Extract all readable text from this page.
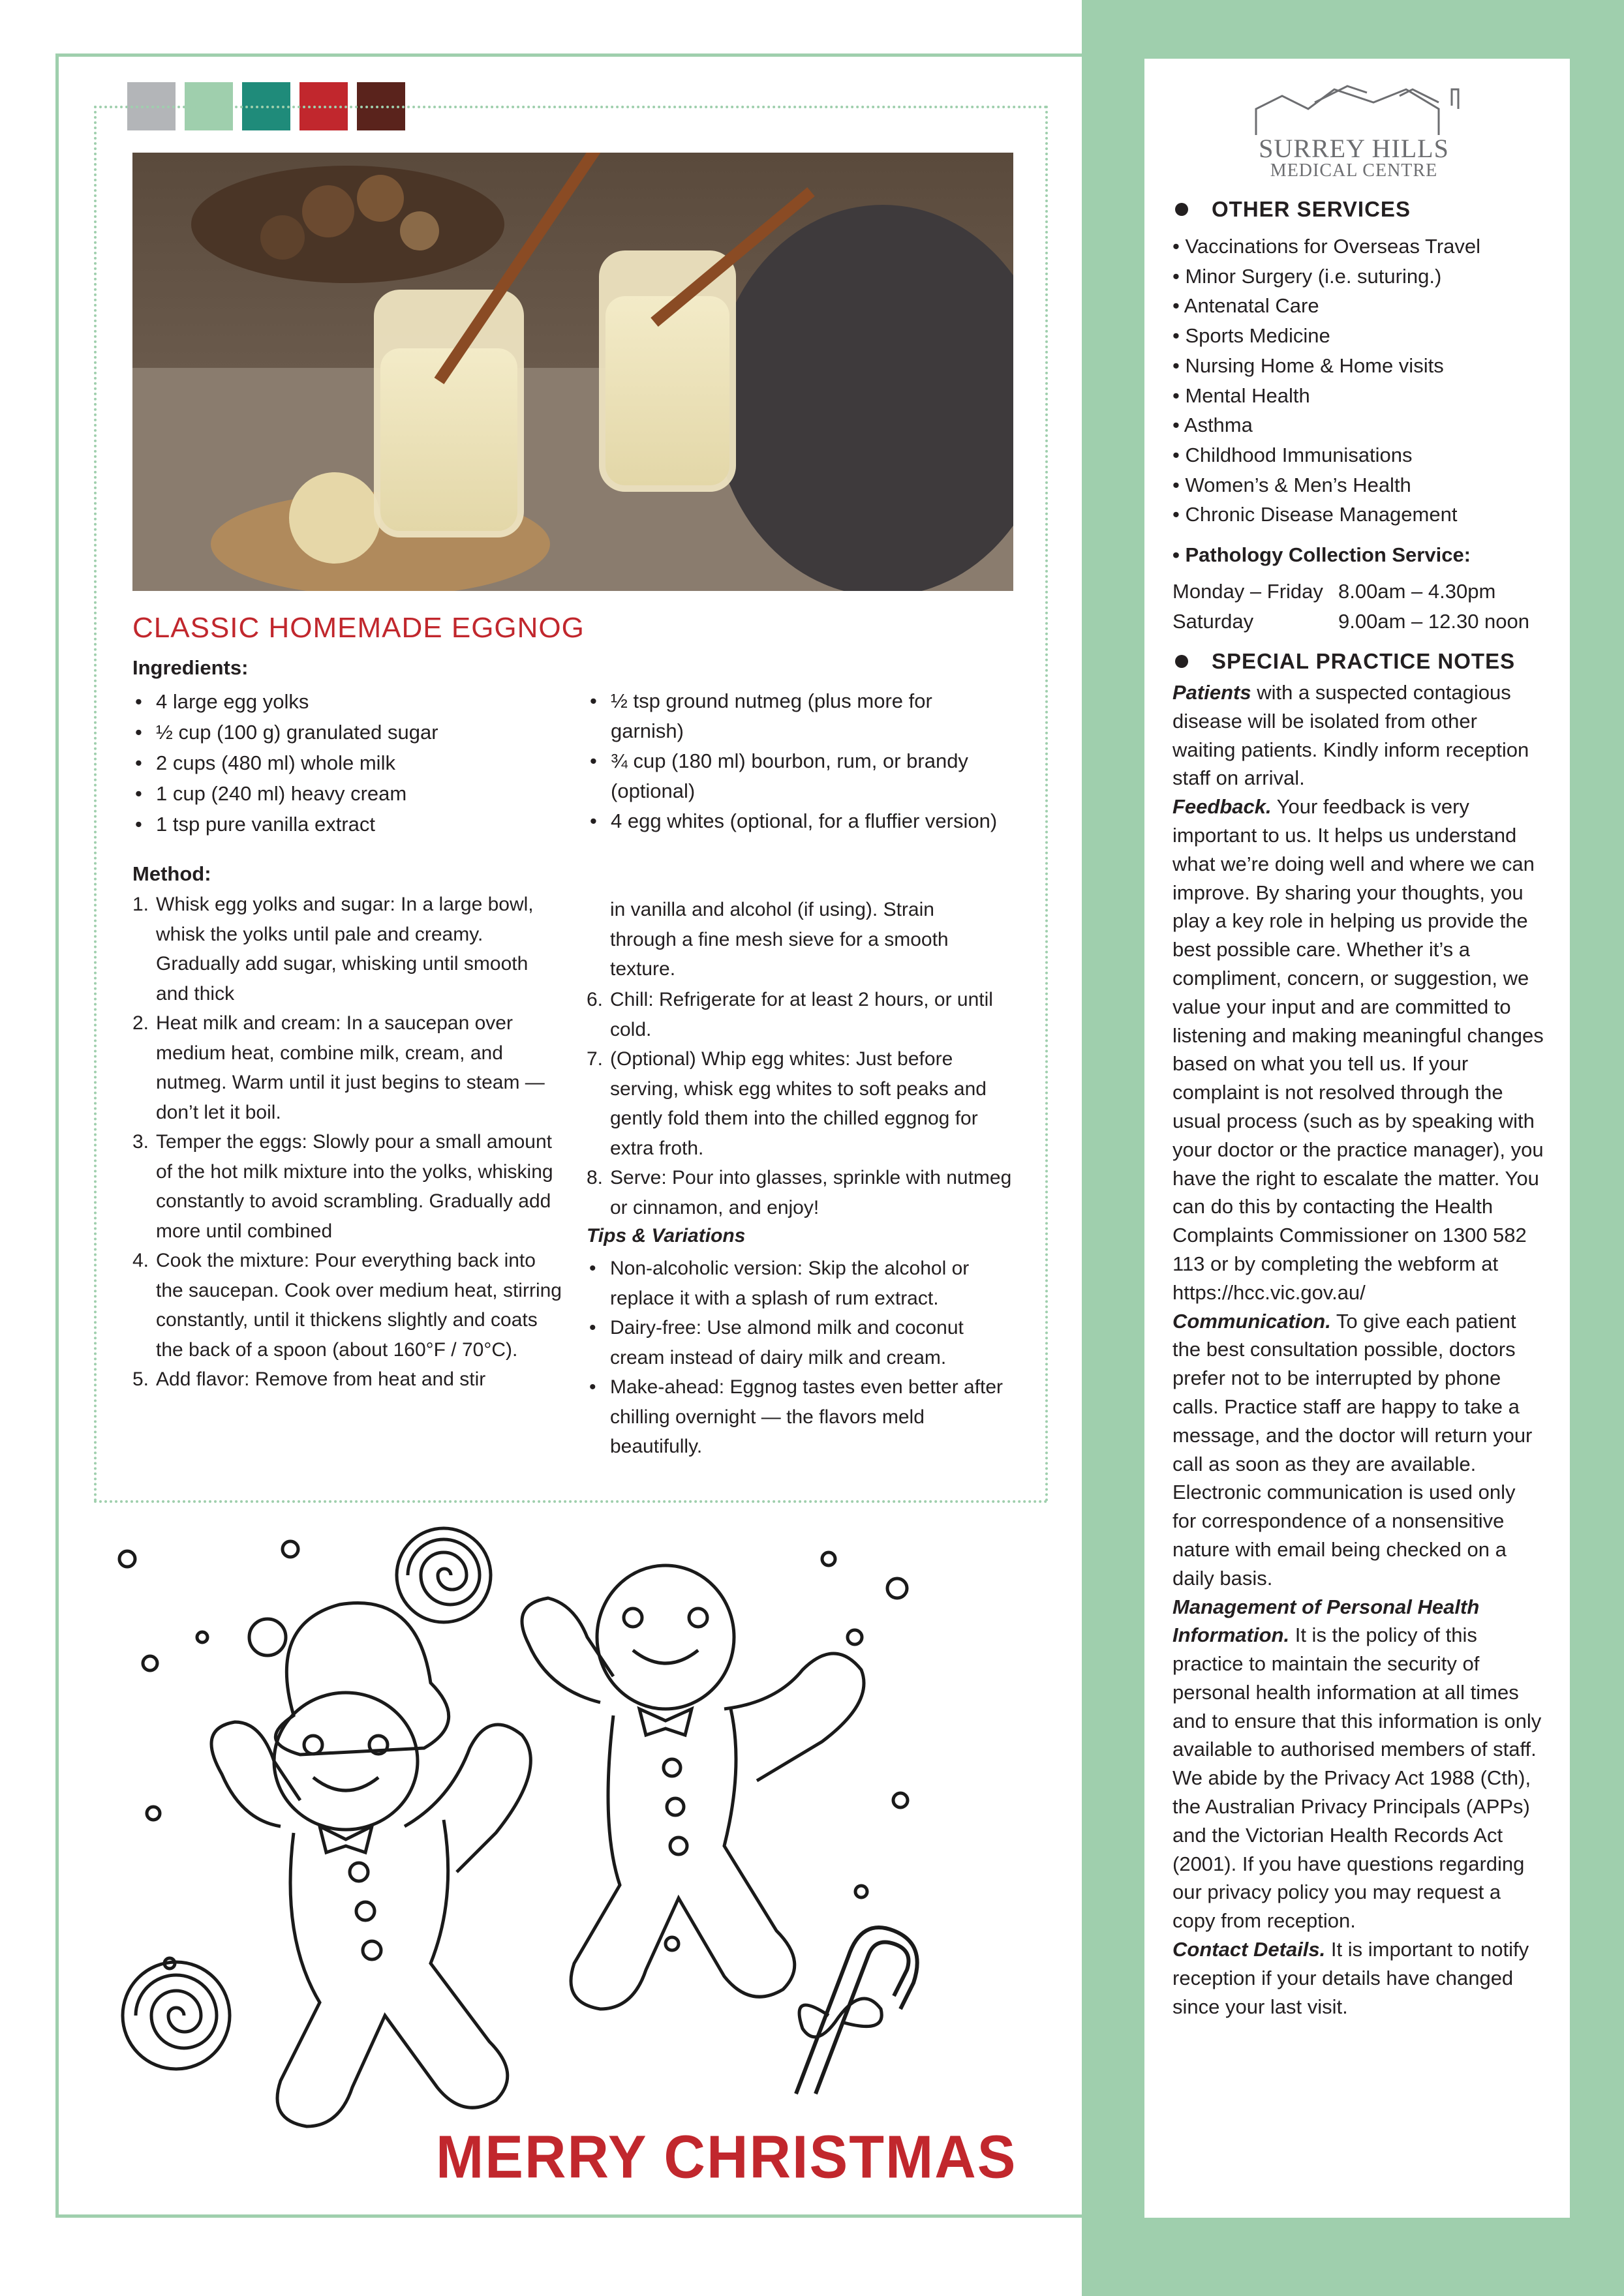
CLASSIC HOMEMADE EGGNOG
Ingredients:
• 4 large egg yolks
• ½ cup (100 g) granulated sugar
• 2 cups (480 ml) whole milk
• 1 cup (240 ml) heavy cream
• 1 tsp pure vanilla extract
• ½ tsp ground nutmeg (plus more for garnish)
• ¾ cup (180 ml) bourbon, rum, or brandy (optional)
• 4 egg whites (optional, for a fluffier version)
Method:
1. Whisk egg yolks and sugar: In a large bowl, whisk the yolks until pale and creamy. Gradually add sugar, whisking until smooth and thick
2. Heat milk and cream: In a saucepan over medium heat, combine milk, cream, and nutmeg. Warm until it just begins to steam — don’t let it boil.
3. Temper the eggs: Slowly pour a small amount of the hot milk mixture into the yolks, whisking constantly to avoid scrambling. Gradually add more until combined
4. Cook the mixture: Pour everything back into the saucepan. Cook over medium heat, stirring constantly, until it thickens slightly and coats the back of a spoon (about 160°F / 70°C).
5. Add flavor: Remove from heat and stir
in vanilla and alcohol (if using). Strain through a fine mesh sieve for a smooth texture.
6. Chill: Refrigerate for at least 2 hours, or until cold.
7. (Optional) Whip egg whites: Just before serving, whisk egg whites to soft peaks and gently fold them into the chilled eggnog for extra froth.
8. Serve: Pour into glasses, sprinkle with nutmeg or cinnamon, and enjoy!
Tips & Variations
• Non-alcoholic version: Skip the alcohol or replace it with a splash of rum extract.
• Dairy-free: Use almond milk and coconut cream instead of dairy milk and cream.
• Make-ahead: Eggnog tastes even better after chilling overnight — the flavors meld beautifully.
MERRY CHRISTMAS
SURREY HILLS
MEDICAL CENTRE
OTHER SERVICES
• Vaccinations for Overseas Travel
• Minor Surgery (i.e. suturing.)
• Antenatal Care
• Sports Medicine
• Nursing Home & Home visits
• Mental Health
• Asthma
• Childhood Immunisations
• Women’s & Men’s Health
• Chronic Disease Management
• Pathology Collection Service:
Monday – Friday 8.00am – 4.30pm
Saturday	9.00am – 12.30 noon
SPECIAL PRACTICE NOTES

Patients with a suspected contagious disease will be isolated from other waiting patients. Kindly inform reception staff on arrival.

Feedback. Your feedback is very important to us. It helps us understand what we’re doing well and where we can improve. By sharing your thoughts, you play a key role in helping us provide the best possible care. Whether it’s a compliment, concern, or suggestion, we value your input and are committed to listening and making meaningful changes based on what you tell us. If your complaint is not resolved through the usual process (such as by speaking with your doctor or the practice manager), you have the right to escalate the matter. You can do this by contacting the Health Complaints Commissioner on 1300 582 113 or by completing the webform at https://hcc.vic.gov.au/

Communication. To give each patient the best consultation possible, doctors prefer not to be interrupted by phone calls. Practice staff are happy to take a message, and the doctor will return your call as soon as they are available. Electronic communication is used only for correspondence of a nonsensitive nature with email being checked on a daily basis.

Management of Personal Health Information. It is the policy of this practice to maintain the security of personal health information at all times and to ensure that this information is only available to authorised members of staff. We abide by the Privacy Act 1988 (Cth), the Australian Privacy Principals (APPs) and the Victorian Health Records Act (2001). If you have questions regarding our privacy policy you may request a copy from reception.

Contact Details. It is important to notify reception if your details have changed since your last visit.
